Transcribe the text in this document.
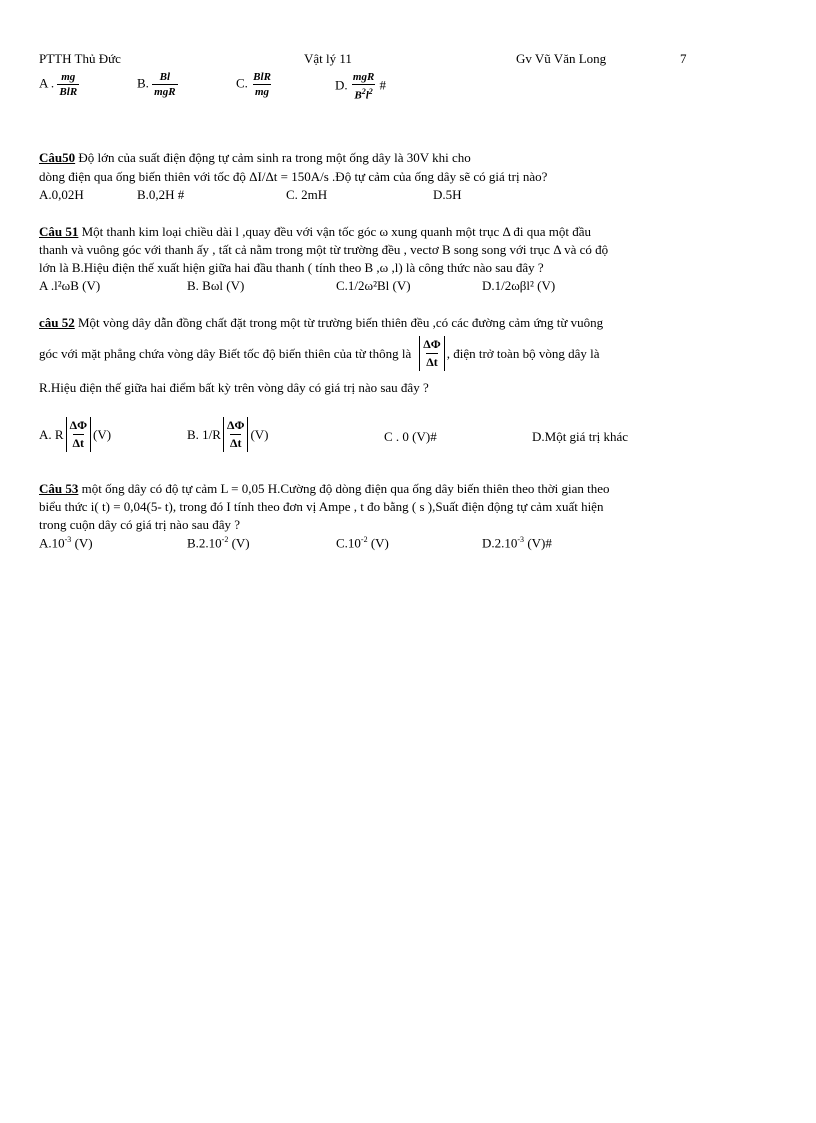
PTTH Thủ Đức	Vật lý 11	Gv Vũ Văn Long	7
A . $\frac{mg}{\text{BlR}}$	B. $\frac{Bl}{\text{mgR}}$	C. $\frac{\text{BlR}}{mg}$	D. $\frac{\text{mgR}}{B^2l^2}$ #
Câu50 Độ lớn của suất điện động tự cảm sinh ra trong một ống dây là 30V khi cho
dòng điện qua ống biến thiên với tốc độ ΔI/Δt = 150A/s .Độ tự cảm của ống dây sẽ có giá trị nào?
A.0,02H	B.0,2H #	C. 2mH	D.5H
Câu 51 Một thanh kim loại chiều dài l ,quay đều với vận tốc góc ω xung quanh một trục Δ đi qua một đầu
thanh và vuông góc với thanh ấy , tất cả nằm trong một từ trường đều , vectơ B song song với trục Δ và có độ
lớn là B.Hiệu điện thế xuất hiện giữa hai đầu thanh ( tính theo B ,ω ,l) là công thức nào sau đây ?
A .l²ωB (V)	B. Bωl (V)	C.1/2ω²Bl (V)	D.1/2ωβl² (V)
câu 52 Một vòng dây dẫn đồng chất đặt trong một từ trường biến thiên đều ,có các đường cảm ứng từ vuông
góc với mặt phẳng chứa vòng dây Biết tốc độ biến thiên của từ thông là $\frac{\Delta\Phi}{\Delta t}$ , điện trở toàn bộ vòng dây là
R.Hiệu điện thế giữa hai điểm bất kỳ trên vòng dây có giá trị nào sau đây ?
A. R $\frac{\Delta\Phi}{\Delta t} (V)$	B. $1/R \frac{\Delta\Phi}{\Delta t} (V)$	C . 0 (V)#	D.Một giá trị khác
Câu 53 một ống dây có độ tự cảm L = 0,05 H.Cường độ dòng điện qua ống dây biến thiên theo thời gian theo
biểu thức i( t) = 0,04(5- t), trong đó I tính theo đơn vị Ampe , t đo bằng ( s ),Suất điện động tự cảm xuất hiện
trong cuộn dây có giá trị nào sau đây ?
$A.10^{-3}$ (V)	$B.2.10^{-2}$ (V)	$C.10^{-2}$ (V)	$D.2.10^{-3}$ (V)#
